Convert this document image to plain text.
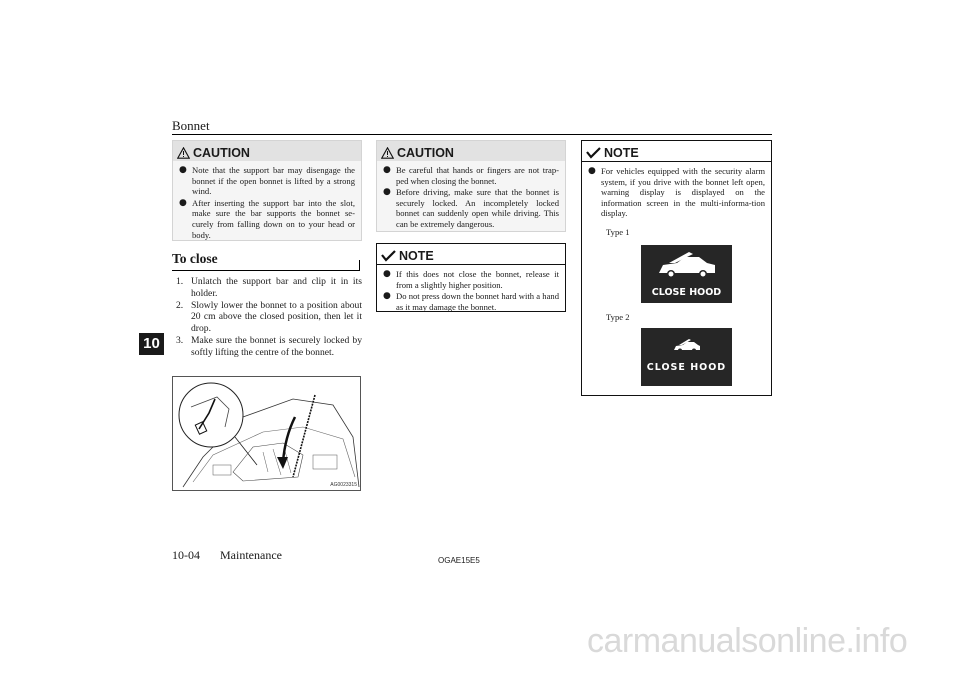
Bonnet
10
CAUTION
● Note that the support bar may disengage the bonnet if the open bonnet is lifted by a strong wind.
● After inserting the support bar into the slot, make sure the bar supports the bonnet se-curely from falling down on to your head or body.
To close
1. Unlatch the support bar and clip it in its holder.
2. Slowly lower the bonnet to a position about 20 cm above the closed position, then let it drop.
3. Make sure the bonnet is securely locked by softly lifting the centre of the bonnet.
AG0023315
CAUTION
● Be careful that hands or fingers are not trap-ped when closing the bonnet.
● Before driving, make sure that the bonnet is securely locked. An incompletely locked bonnet can suddenly open while driving. This can be extremely dangerous.
NOTE
● If this does not close the bonnet, release it from a slightly higher position.
● Do not press down the bonnet hard with a hand as it may damage the bonnet.
NOTE
● For vehicles equipped with the security alarm system, if you drive with the bonnet left open, warning display is displayed on the information screen in the multi-informa-tion display.
Type 1
CLOSE HOOD
Type 2
CLOSE HOOD
10-04 Maintenance	OGAE15E5
carmanualsonline.info
